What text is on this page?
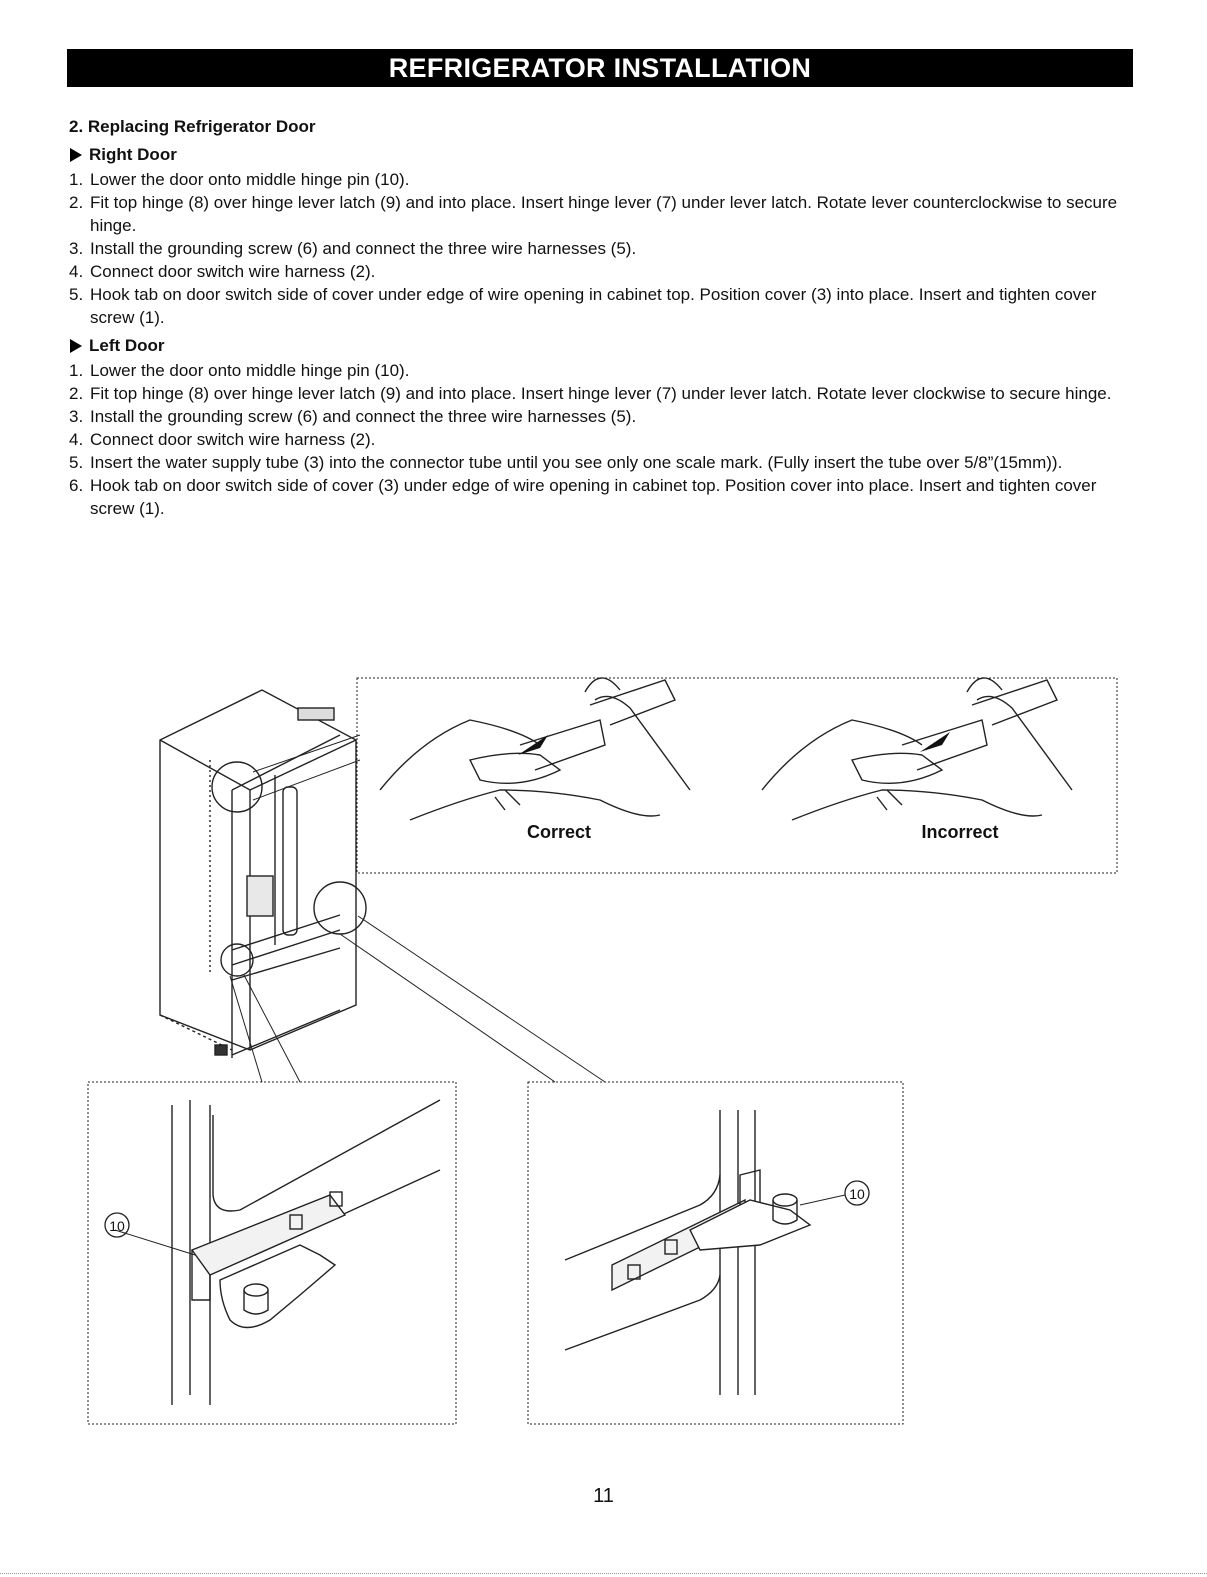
REFRIGERATOR INSTALLATION

2. Replacing Refrigerator Door

Right Door
1. Lower the door onto middle hinge pin (10).
2. Fit top hinge (8) over hinge lever latch (9) and into place. Insert hinge lever (7) under lever latch. Rotate lever counterclockwise to secure hinge.
3. Install the grounding screw (6) and connect the three wire harnesses (5).
4. Connect door switch wire harness (2).
5. Hook tab on door switch side of cover under edge of wire opening in cabinet top. Position cover (3) into place. Insert and tighten cover screw (1).
Left Door
1. Lower the door onto middle hinge pin (10).
2. Fit top hinge (8) over hinge lever latch (9) and into place. Insert hinge lever (7) under lever latch. Rotate lever clockwise to secure hinge.
3. Install the grounding screw (6) and connect the three wire harnesses (5).
4. Connect door switch wire harness (2).
5. Insert the water supply tube (3) into the connector tube until you see only one scale mark. (Fully insert the tube over 5/8”(15mm)).
6. Hook tab on door switch side of cover (3) under edge of wire opening in cabinet top. Position cover into place. Insert and tighten cover screw (1).
10
10
Correct	Incorrect
11
